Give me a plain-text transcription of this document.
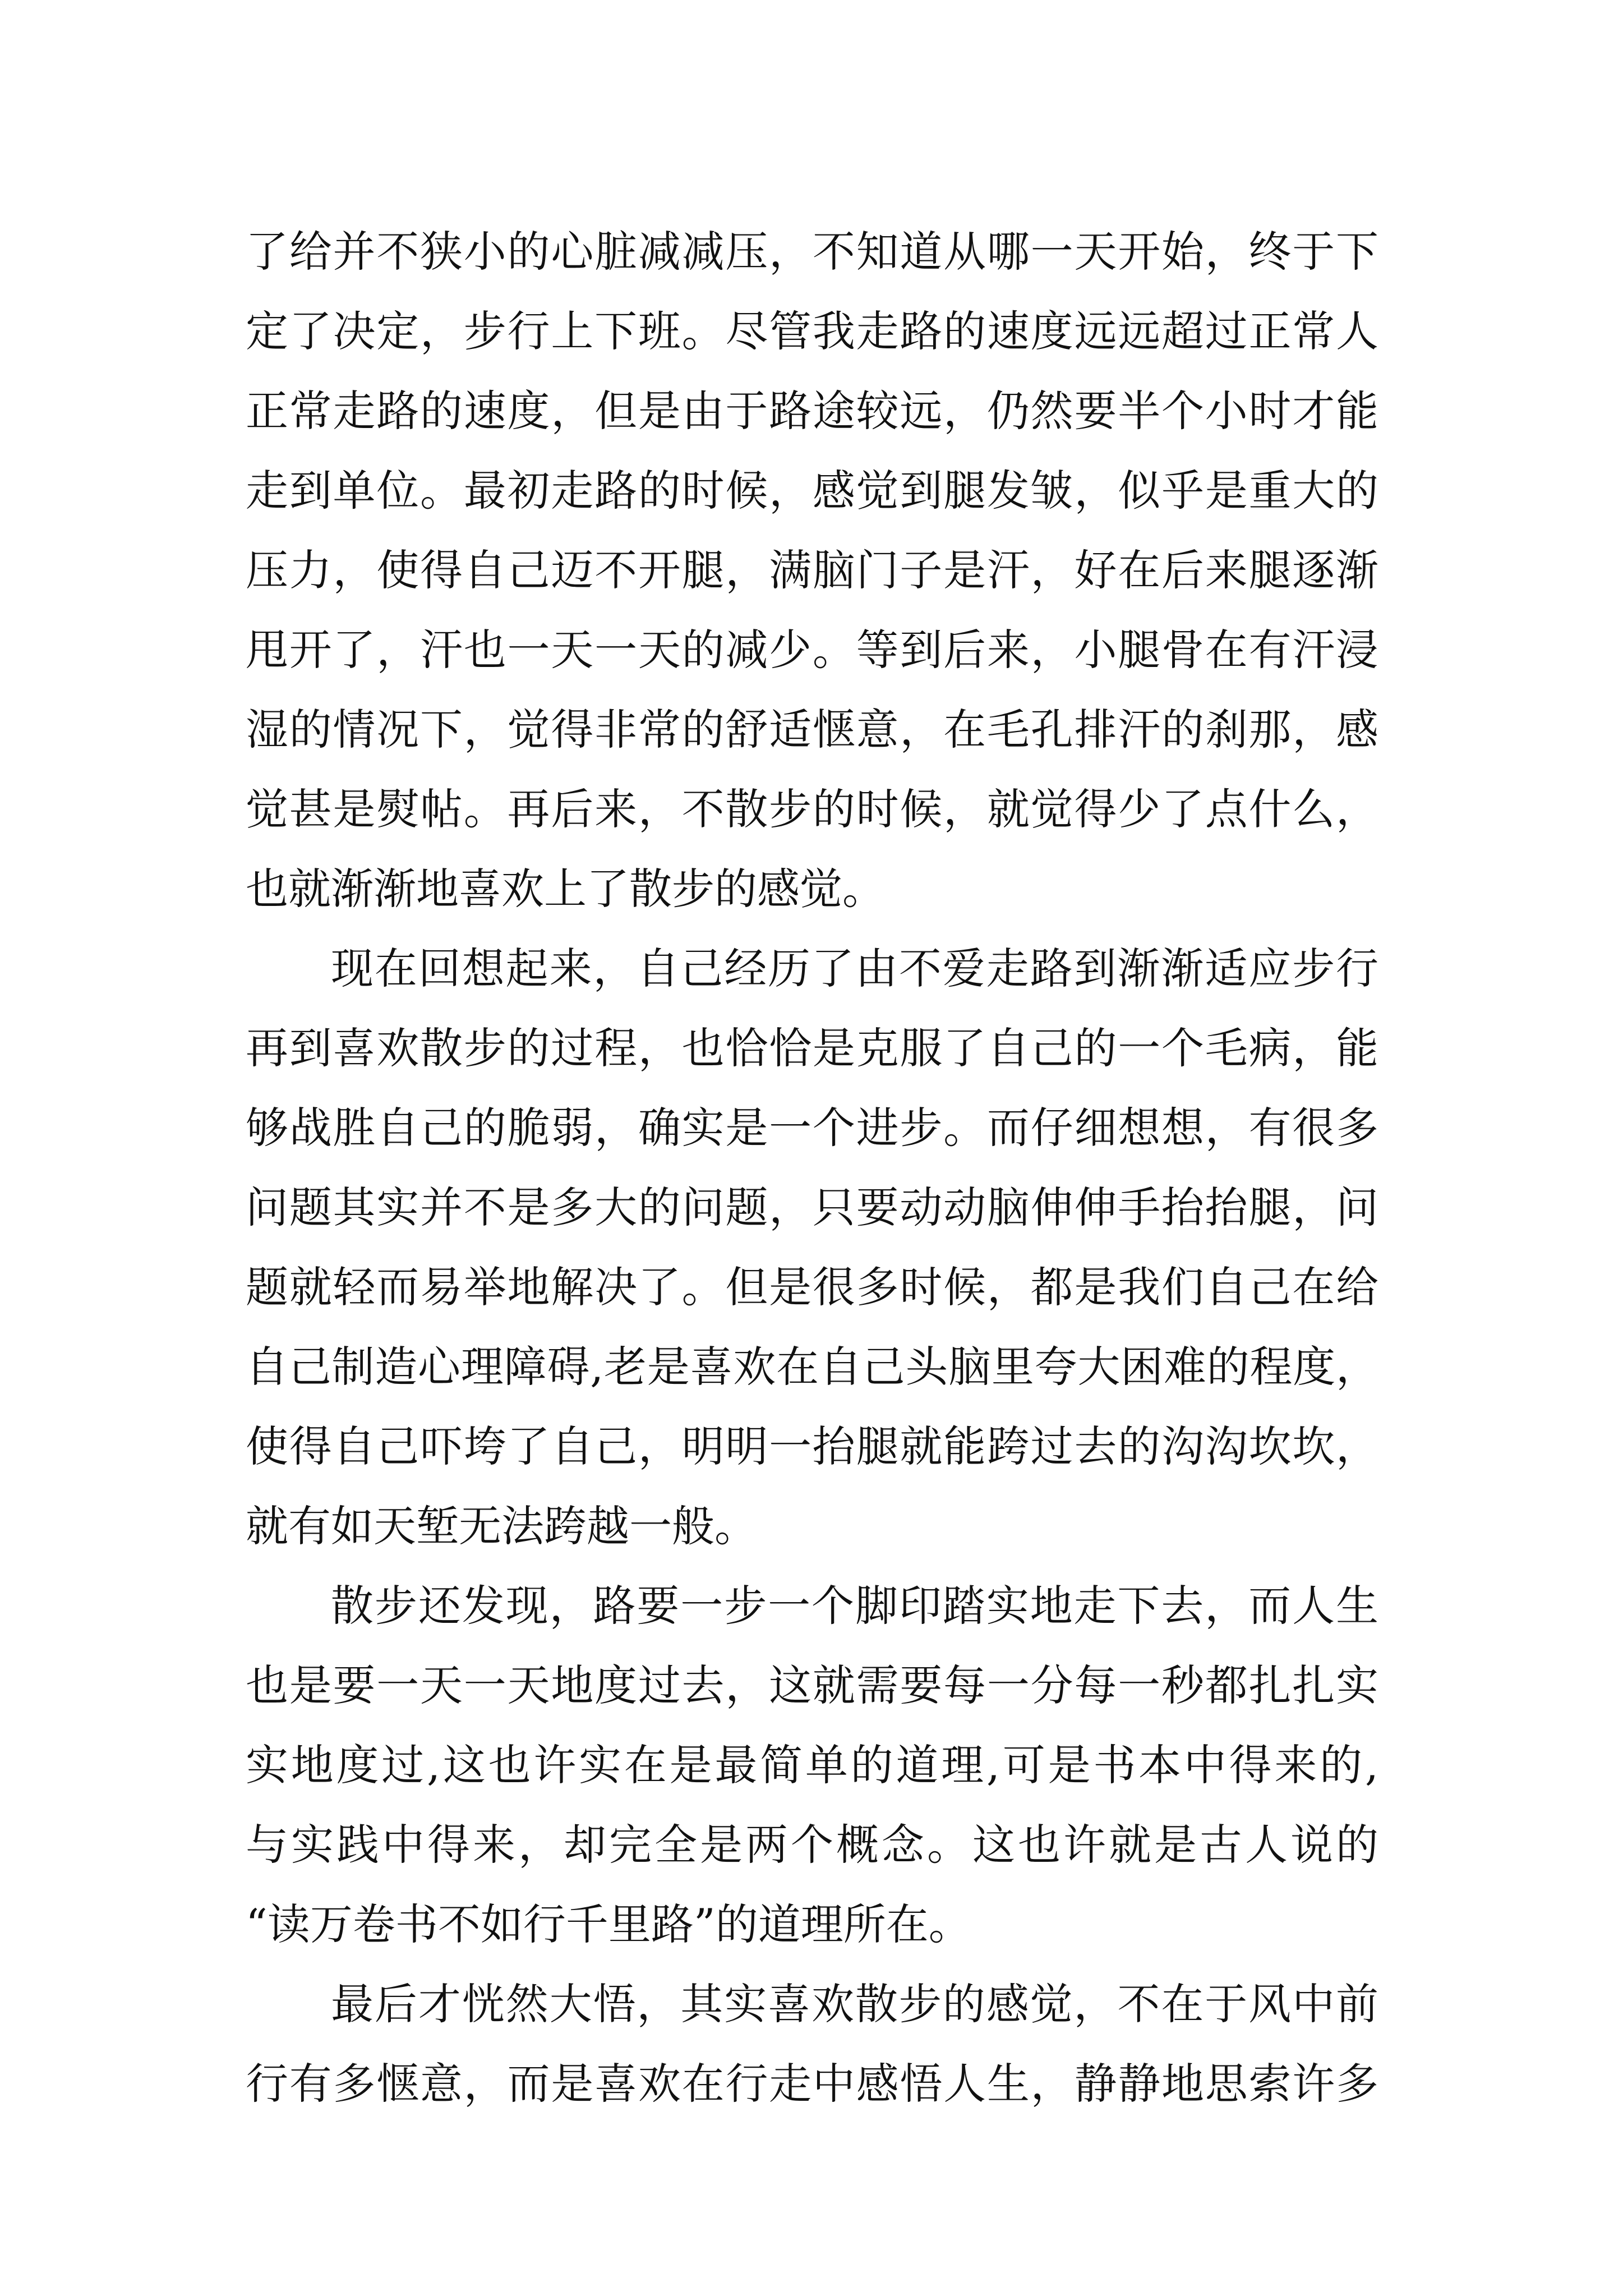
了给并不狭小的心脏减减压，不知道从哪一天开始，终于下
定了决定，步行上下班。尽管我走路的速度远远超过正常人
正常走路的速度，但是由于路途较远，仍然要半个小时才能
走到单位。最初走路的时候，感觉到腿发皱，似乎是重大的
压力，使得自己迈不开腿，满脑门子是汗，好在后来腿逐渐
甩开了，汗也一天一天的减少。等到后来，小腿骨在有汗浸
湿的情况下，觉得非常的舒适惬意，在毛孔排汗的刹那，感
觉甚是熨帖。再后来，不散步的时候，就觉得少了点什么，
也就渐渐地喜欢上了散步的感觉。
现在回想起来，自己经历了由不爱走路到渐渐适应步行
再到喜欢散步的过程，也恰恰是克服了自己的一个毛病，能
够战胜自己的脆弱，确实是一个进步。而仔细想想，有很多
问题其实并不是多大的问题，只要动动脑伸伸手抬抬腿，问
题就轻而易举地解决了。但是很多时候，都是我们自己在给
自己制造心理障碍,老是喜欢在自己头脑里夸大困难的程度，
使得自己吓垮了自己，明明一抬腿就能跨过去的沟沟坎坎，
就有如天堑无法跨越一般。
散步还发现，路要一步一个脚印踏实地走下去，而人生
也是要一天一天地度过去，这就需要每一分每一秒都扎扎实
实地度过,这也许实在是最简单的道理,可是书本中得来的,
与实践中得来，却完全是两个概念。这也许就是古人说的
“读万卷书不如行千里路”的道理所在。
最后才恍然大悟，其实喜欢散步的感觉，不在于风中前
行有多惬意，而是喜欢在行走中感悟人生，静静地思索许多
